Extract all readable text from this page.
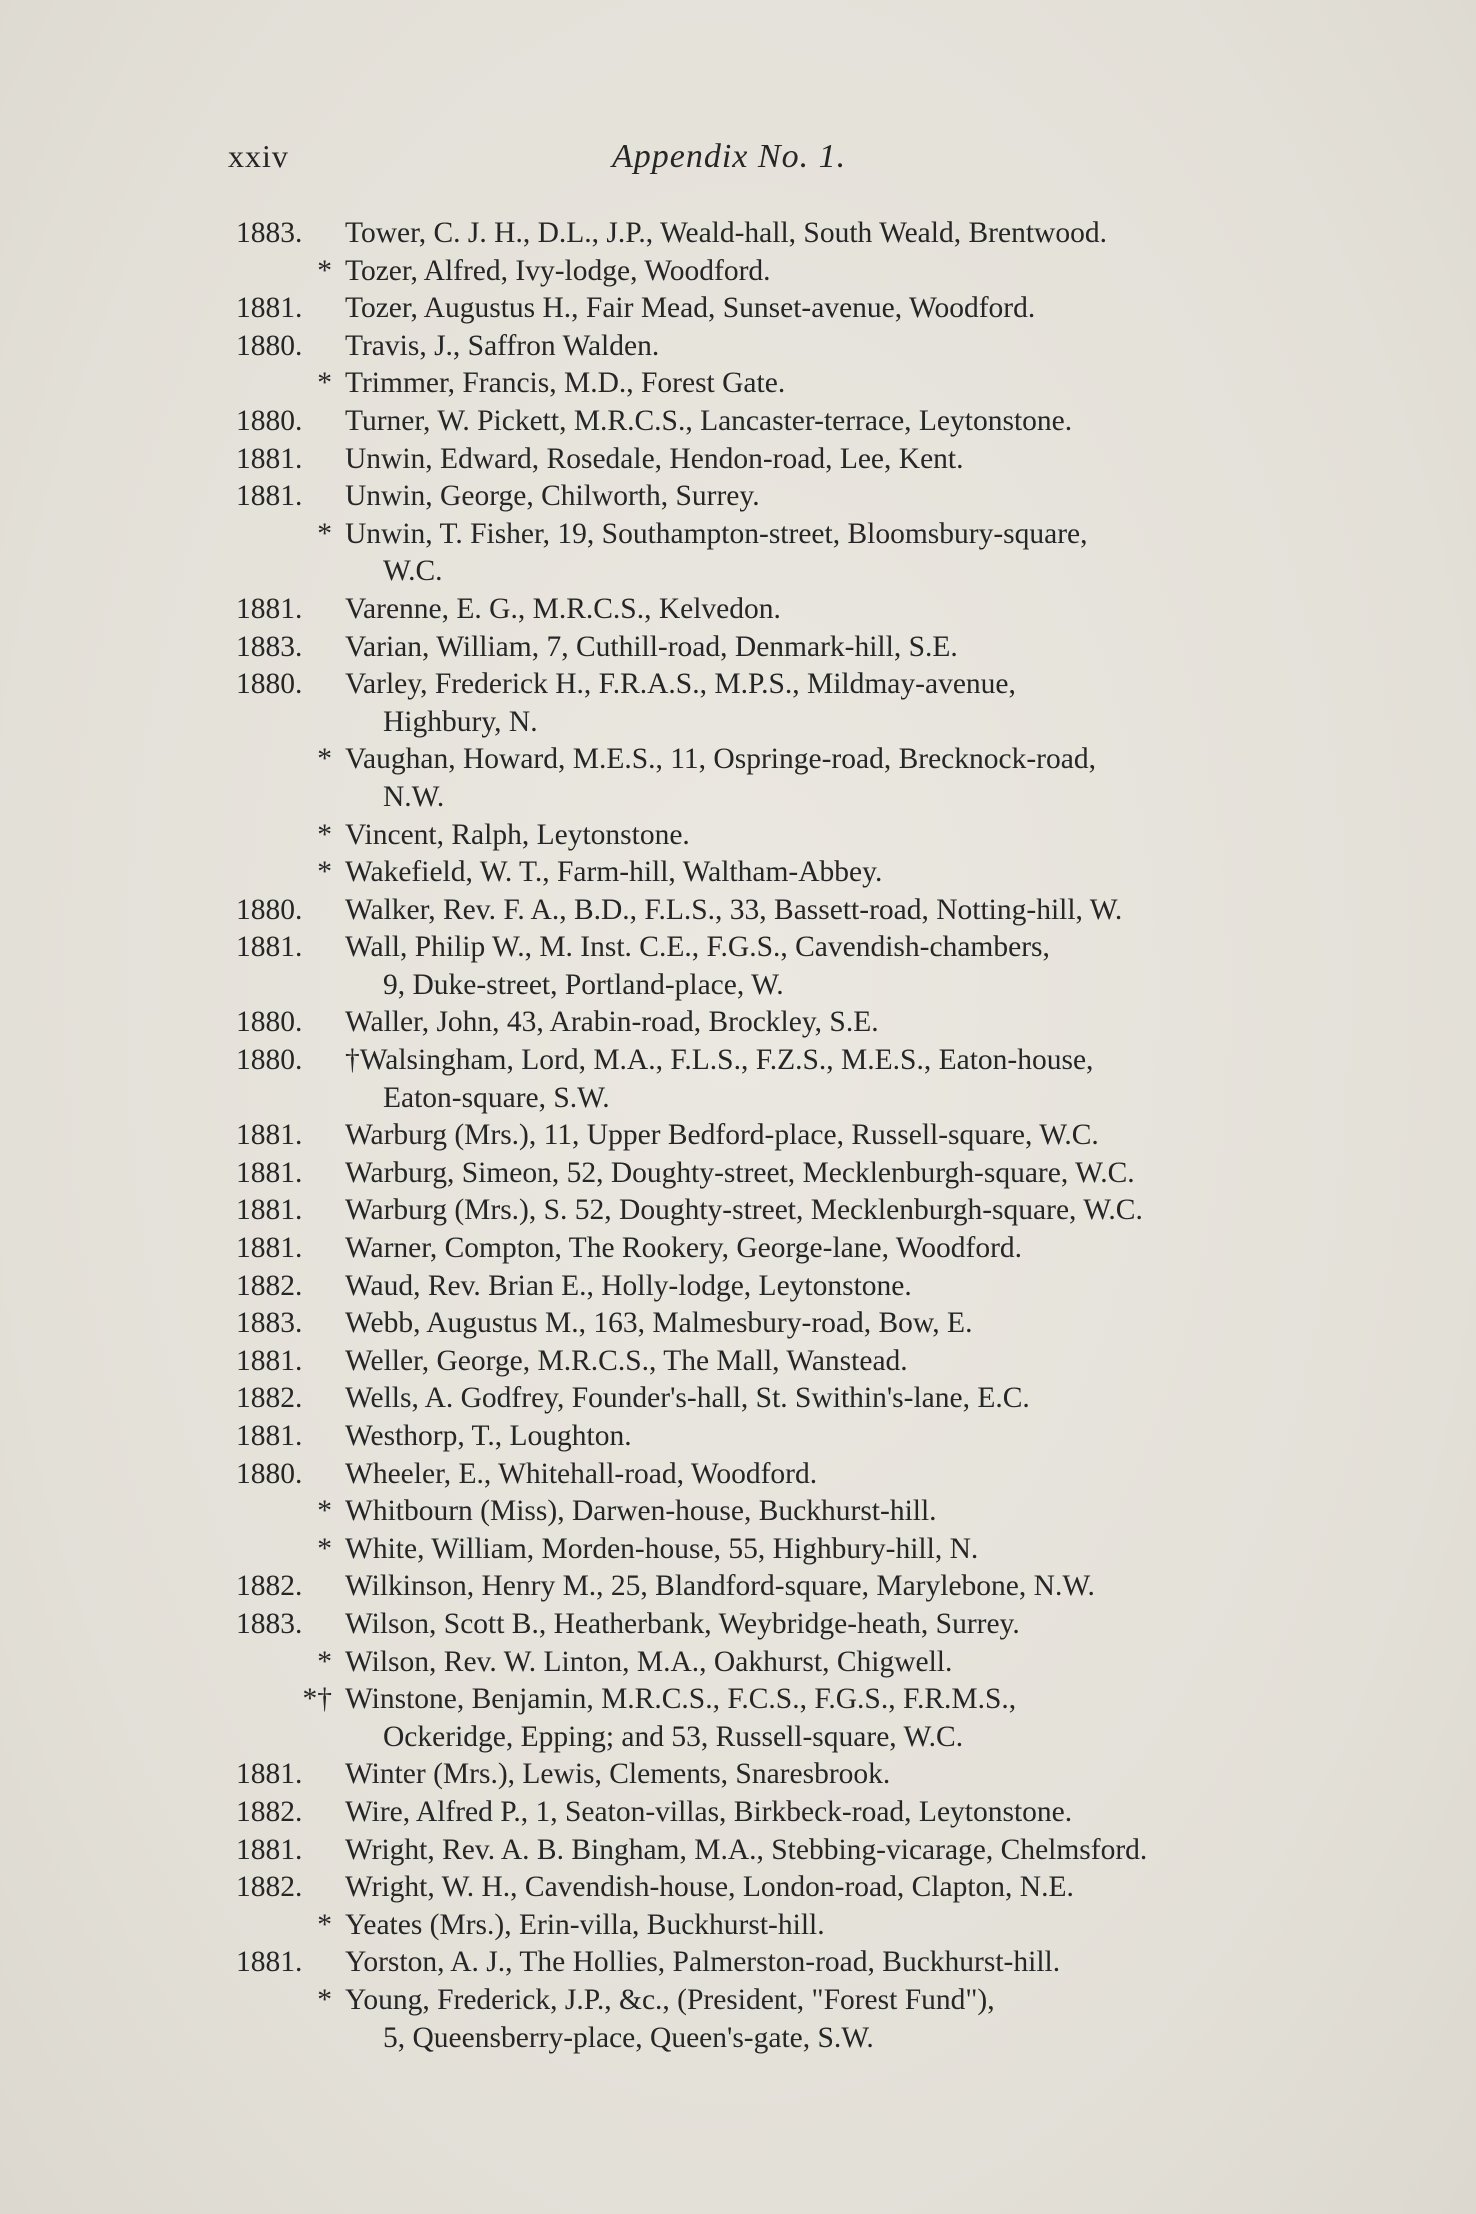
xxiv	Appendix No. 1.
1883.	Tower, C. J. H., D.L., J.P., Weald-hall, South Weald, Brentwood.
* Tozer, Alfred, Ivy-lodge, Woodford.
1881.	Tozer, Augustus H., Fair Mead, Sunset-avenue, Woodford.
1880.	Travis, J., Saffron Walden.
* Trimmer, Francis, M.D., Forest Gate.
1880.	Turner, W. Pickett, M.R.C.S., Lancaster-terrace, Leytonstone.
1881.	Unwin, Edward, Rosedale, Hendon-road, Lee, Kent.
1881.	Unwin, George, Chilworth, Surrey.
* Unwin, T. Fisher, 19, Southampton-street, Bloomsbury-square,
W.C.
1881.	Varenne, E. G., M.R.C.S., Kelvedon.
1883.	Varian, William, 7, Cuthill-road, Denmark-hill, S.E.
1880.	Varley, Frederick H., F.R.A.S., M.P.S., Mildmay-avenue,
Highbury, N.
* Vaughan, Howard, M.E.S., 11, Ospringe-road, Brecknock-road,
N.W.
* Vincent, Ralph, Leytonstone.
* Wakefield, W. T., Farm-hill, Waltham-Abbey.
1880.	Walker, Rev. F. A., B.D., F.L.S., 33, Bassett-road, Notting-hill, W.
1881.	Wall, Philip W., M. Inst. C.E., F.G.S., Cavendish-chambers,
9, Duke-street, Portland-place, W.
1880.	Waller, John, 43, Arabin-road, Brockley, S.E.
1880.	†Walsingham, Lord, M.A., F.L.S., F.Z.S., M.E.S., Eaton-house,
Eaton-square, S.W.
1881.	Warburg (Mrs.), 11, Upper Bedford-place, Russell-square, W.C.
1881.	Warburg, Simeon, 52, Doughty-street, Mecklenburgh-square, W.C.
1881.	Warburg (Mrs.), S. 52, Doughty-street, Mecklenburgh-square, W.C.
1881.	Warner, Compton, The Rookery, George-lane, Woodford.
1882.	Waud, Rev. Brian E., Holly-lodge, Leytonstone.
1883.	Webb, Augustus M., 163, Malmesbury-road, Bow, E.
1881.	Weller, George, M.R.C.S., The Mall, Wanstead.
1882.	Wells, A. Godfrey, Founder's-hall, St. Swithin's-lane, E.C.
1881.	Westhorp, T., Loughton.
1880.	Wheeler, E., Whitehall-road, Woodford.
* Whitbourn (Miss), Darwen-house, Buckhurst-hill.
* White, William, Morden-house, 55, Highbury-hill, N.
1882.	Wilkinson, Henry M., 25, Blandford-square, Marylebone, N.W.
1883.	Wilson, Scott B., Heatherbank, Weybridge-heath, Surrey.
* Wilson, Rev. W. Linton, M.A., Oakhurst, Chigwell.
*† Winstone, Benjamin, M.R.C.S., F.C.S., F.G.S., F.R.M.S.,
Ockeridge, Epping; and 53, Russell-square, W.C.
1881.	Winter (Mrs.), Lewis, Clements, Snaresbrook.
1882.	Wire, Alfred P., 1, Seaton-villas, Birkbeck-road, Leytonstone.
1881.	Wright, Rev. A. B. Bingham, M.A., Stebbing-vicarage, Chelmsford.
1882.	Wright, W. H., Cavendish-house, London-road, Clapton, N.E.
* Yeates (Mrs.), Erin-villa, Buckhurst-hill.
1881.	Yorston, A. J., The Hollies, Palmerston-road, Buckhurst-hill.
* Young, Frederick, J.P., &c., (President, "Forest Fund"),
5, Queensberry-place, Queen's-gate, S.W.
